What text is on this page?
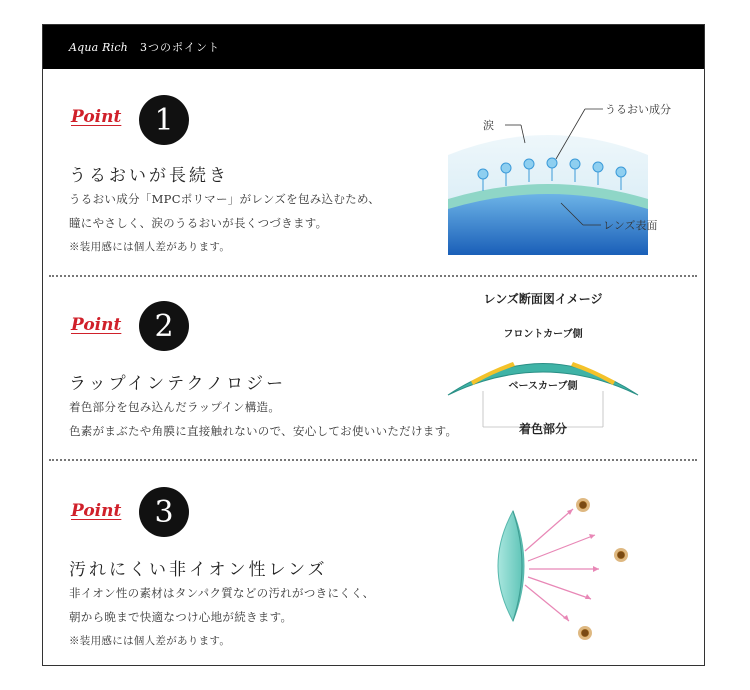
Aqua Rich 3つのポイント
Point	1
うるおいが長続き
うるおい成分「MPCポリマー」がレンズを包み込むため、
瞳にやさしく、涙のうるおいが長くつづきます。
※装用感には個人差があります。
涙
うるおい成分
レンズ表面
Point	2
ラップインテクノロジー
着色部分を包み込んだラップイン構造。
色素がまぶたや角膜に直接触れないので、安心してお使いいただけます。
レンズ断面図イメージ
フロントカーブ側
ベースカーブ側
着色部分
Point	3
汚れにくい非イオン性レンズ
非イオン性の素材はタンパク質などの汚れがつきにくく、
朝から晩まで快適なつけ心地が続きます。
※装用感には個人差があります。
